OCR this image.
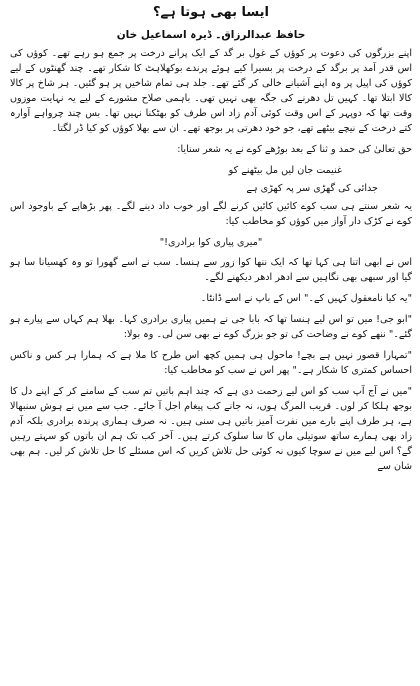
ایسا بھی ہوتا ہے؟
حافظ عبدالرزاق۔ ڈیرہ اسماعیل خان

اپنے بزرگوں کی دعوت پر کوؤں کے غول بر گد کے ایک پرانے درخت پر جمع ہو رہے تھے۔ کوؤں کی اس قدر آمد پر برگد کے درخت پر بسیرا کیے ہوئے پرندے بوکھلاہٹ کا شکار تھے۔ چند گھنٹوں کے لیے کوؤں کی اپیل پر وہ اپنے آشیانے خالی کر گئے تھے۔ جلد ہی تمام شاخیں پر ہو گئیں۔ ہر شاخ پر کالا کالا ابتلا تھا۔ کہیں تل دھرنے کی جگہ بھی نہیں تھی۔ باہمی صلاح مشورے کے لیے یہ نہایت موزوں وقت تھا کہ دوپہر کے اس وقت کوئی آدم زاد اس طرف کو بھٹکنا نہیں تھا۔ بس چند چرواہے آوارہ کتے درخت کے نیچے بیٹھے تھے، جو خود دھرتی پر بوجھ تھے۔ ان سے بھلا کوؤں کو کیا ڈر لگتا۔

حق تعالیٰ کی حمد و ثنا کے بعد بوڑھے کوے نے یہ شعر سنایا:

غنیمت جان لیں مل بیٹھنے کو
جدائی کی گھڑی سر پہ کھڑی ہے

یہ شعر سنتے ہی سب کوے کائیں کائیں کرنے لگے اور خوب داد دینے لگے۔ پھر بڑھاپے کے باوجود اس کوے نے کڑک دار آواز میں کوؤں کو مخاطب کیا:

"میری پیاری کوا برادری!"

اس نے ابھی اتنا ہی کہا تھا کہ ایک ننھا کوا زور سے ہنسا۔ سب نے اسے گھورا تو وہ کھسیانا سا ہو گیا اور سبھی بھی نگاہیں سے ادھر ادھر دیکھنے لگے۔

"یہ کیا نامعقول کہیں کے۔" اس کے باپ نے اسے ڈانٹا۔

"ابو جی! میں تو اس لیے ہنسا تھا کہ بابا جی نے ہمیں پیاری برادری کہا۔ بھلا ہم کہاں سے پیارے ہو گئے۔" ننھے کوے نے وضاحت کی تو جو بزرگ کوے نے بھی سن لی۔ وہ بولا:

"تمہارا قصور نہیں ہے بچے! ماحول ہی ہمیں کچھ اس طرح کا ملا ہے کہ ہمارا ہر کس و ناکس احساس کمتری کا شکار ہے۔" پھر اس نے سب کو مخاطب کیا:

"میں نے آج آپ سب کو اس لیے زحمت دی ہے کہ چند اہم باتیں تم سب کے سامنے کر کے اپنے دل کا بوجھ ہلکا کر لوں۔ قریب المرگ ہوں، نہ جانے کب پیغام اجل آ جائے۔ جب سے میں نے ہوش سنبھالا ہے، ہر طرف اپنے بارے میں نفرت آمیز باتیں ہی سنی ہیں۔ نہ صرف ہماری پرندہ برادری بلکہ آدم زاد بھی ہمارے ساتھ سوتیلی ماں کا سا سلوک کرتے ہیں۔ آخر کب تک ہم ان باتوں کو سہتے رہیں گے؟ اس لیے میں نے سوچا کیوں نہ کوئی حل تلاش کریں کہ اس مسئلے کا حل تلاش کر لیں۔ ہم بھی شان سے
